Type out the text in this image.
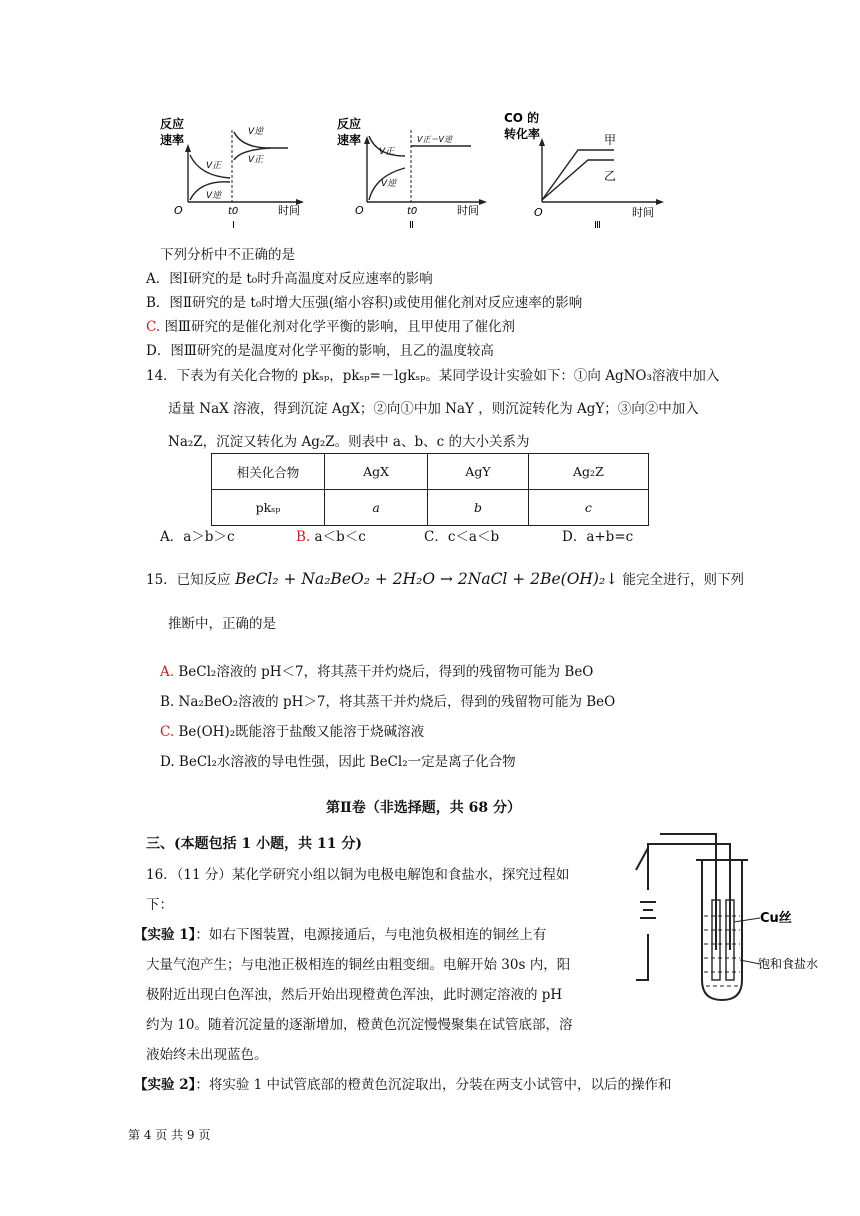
反应
速率
V正
V逆
V逆
V正
O	t0	时间
Ⅰ
反应
速率
V正
V逆
V正＝V逆
O	t0	时间
Ⅱ
CO 的
转化率	甲
乙
O	时间
Ⅲ
下列分析中不正确的是
A．图Ⅰ研究的是 t₀时升高温度对反应速率的影响
B．图Ⅱ研究的是 t₀时增大压强(缩小容积)或使用催化剂对反应速率的影响
C. 图Ⅲ研究的是催化剂对化学平衡的影响，且甲使用了催化剂
D．图Ⅲ研究的是温度对化学平衡的影响，且乙的温度较高
14．下表为有关化合物的 pkₛₚ，pkₛₚ=－lgkₛₚ。某同学设计实验如下：①向 AgNO₃溶液中加入
适量 NaX 溶液，得到沉淀 AgX；②向①中加 NaY ，则沉淀转化为 AgY；③向②中加入
Na₂Z，沉淀又转化为 Ag₂Z。则表中 a、b、c 的大小关系为
相关化合物	AgX	AgY	Ag₂Z
pkₛₚ	a	b	c
A．a＞b＞c	B. a＜b＜c	C．c＜a＜b	D．a+b=c
15．已知反应 BeCl₂ + Na₂BeO₂ + 2H₂O → 2NaCl + 2Be(OH)₂↓ 能完全进行，则下列
推断中，正确的是
A. BeCl₂溶液的 pH＜7，将其蒸干并灼烧后，得到的残留物可能为 BeO
B. Na₂BeO₂溶液的 pH＞7，将其蒸干并灼烧后，得到的残留物可能为 BeO
C. Be(OH)₂既能溶于盐酸又能溶于烧碱溶液
D. BeCl₂水溶液的导电性强，因此 BeCl₂一定是离子化合物
第Ⅱ卷（非选择题，共 68 分）
三、(本题包括 1 小题，共 11 分)
16．（11 分）某化学研究小组以铜为电极电解饱和食盐水，探究过程如
下：
【实验 1】：如右下图装置，电源接通后，与电池负极相连的铜丝上有
大量气泡产生；与电池正极相连的铜丝由粗变细。电解开始 30s 内，阳
极附近出现白色浑浊，然后开始出现橙黄色浑浊，此时测定溶液的 pH
约为 10。随着沉淀量的逐渐增加，橙黄色沉淀慢慢聚集在试管底部，溶
液始终未出现蓝色。
【实验 2】：将实验 1 中试管底部的橙黄色沉淀取出，分装在两支小试管中，以后的操作和
Cu丝
饱和食盐水
第 4 页 共 9 页
